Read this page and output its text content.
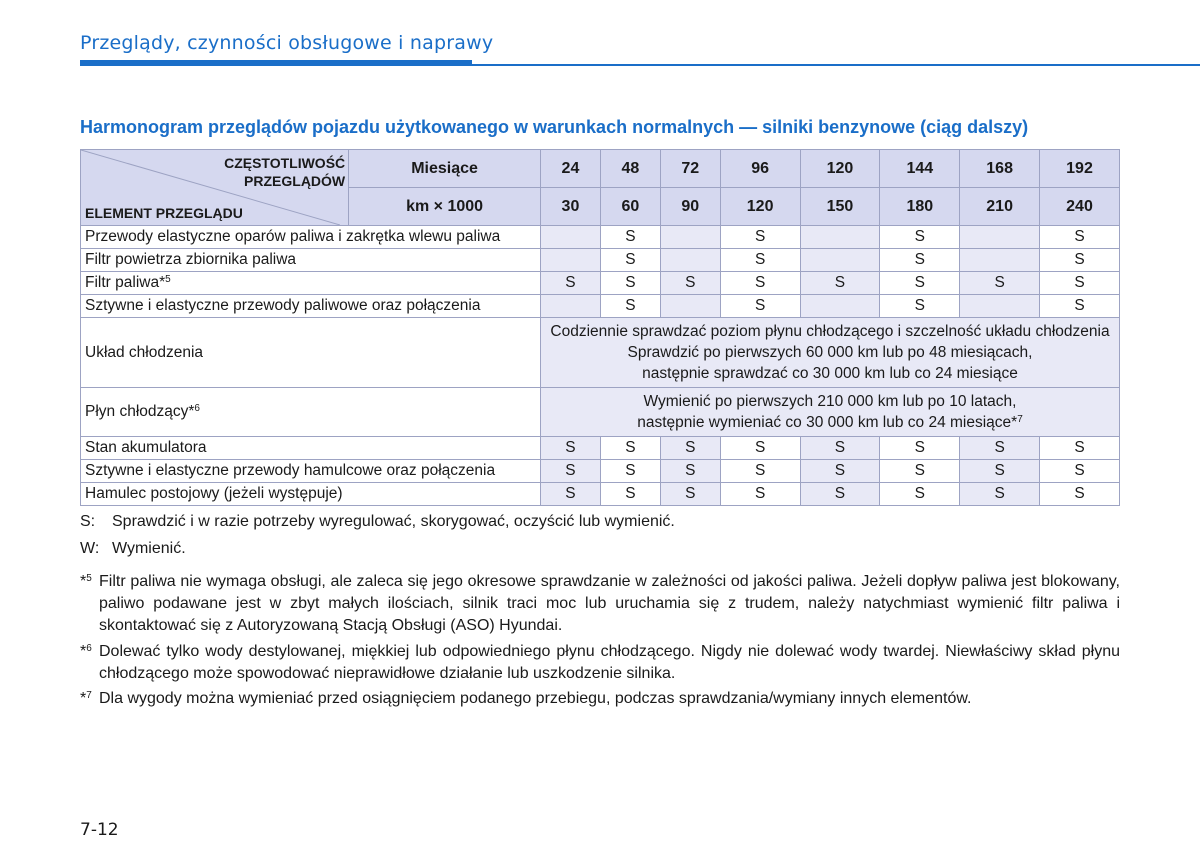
Przeglądy, czynności obsługowe i naprawy
Harmonogram przeglądów pojazdu użytkowanego w warunkach normalnych — silniki benzynowe (ciąg dalszy)
CZĘSTOTLIWOŚĆ
PRZEGLĄDÓW
ELEMENT PRZEGLĄDU	Miesiące	24	48	72	96	120	144	168	192
	km × 1000	30	60	90	120	150	180	210	240
Przewody elastyczne oparów paliwa i zakrętka wlewu paliwa			S		S		S		S
Filtr powietrza zbiornika paliwa			S		S		S		S
Filtr paliwa*$^5$		S	S	S	S	S	S	S	S
Sztywne i elastyczne przewody paliwowe oraz połączenia			S		S		S		S
Układ chłodzenia		Codziennie sprawdzać poziom płynu chłodzącego i szczelność układu chłodzenia
Sprawdzić po pierwszych 60 000 km lub po 48 miesiącach,
następnie sprawdzać co 30 000 km lub co 24 miesiące							

Płyn chłodzący*$^6$		Wymienić po pierwszych 210 000 km lub po 10 latach,
następnie wymieniać co 30 000 km lub co 24 miesiące*$^7$

Stan akumulatora		S	S	S	S	S	S	S	S
Sztywne i elastyczne przewody hamulcowe oraz połączenia		S	S	S	S	S	S	S	S
Hamulec postojowy (jeżeli występuje)		S	S	S	S	S	S	S	S
S: Sprawdzić i w razie potrzeby wyregulować, skorygować, oczyścić lub wymienić.
W: Wymienić.
*$^5$ Filtr paliwa nie wymaga obsługi, ale zaleca się jego okresowe sprawdzanie w zależności od jakości paliwa. Jeżeli dopływ paliwa jest blokowany, paliwo podawane jest w zbyt małych ilościach, silnik traci moc lub uruchamia się z trudem, należy natychmiast wymienić filtr paliwa i skontaktować się z Autoryzowaną Stacją Obsługi (ASO) Hyundai.
*$^6$ Dolewać tylko wody destylowanej, miękkiej lub odpowiedniego płynu chłodzącego. Nigdy nie dolewać wody twardej. Niewłaściwy skład płynu chłodzącego może spowodować nieprawidłowe działanie lub uszkodzenie silnika.
*$^7$ Dla wygody można wymieniać przed osiągnięciem podanego przebiegu, podczas sprawdzania/wymiany innych elementów.
7-12
